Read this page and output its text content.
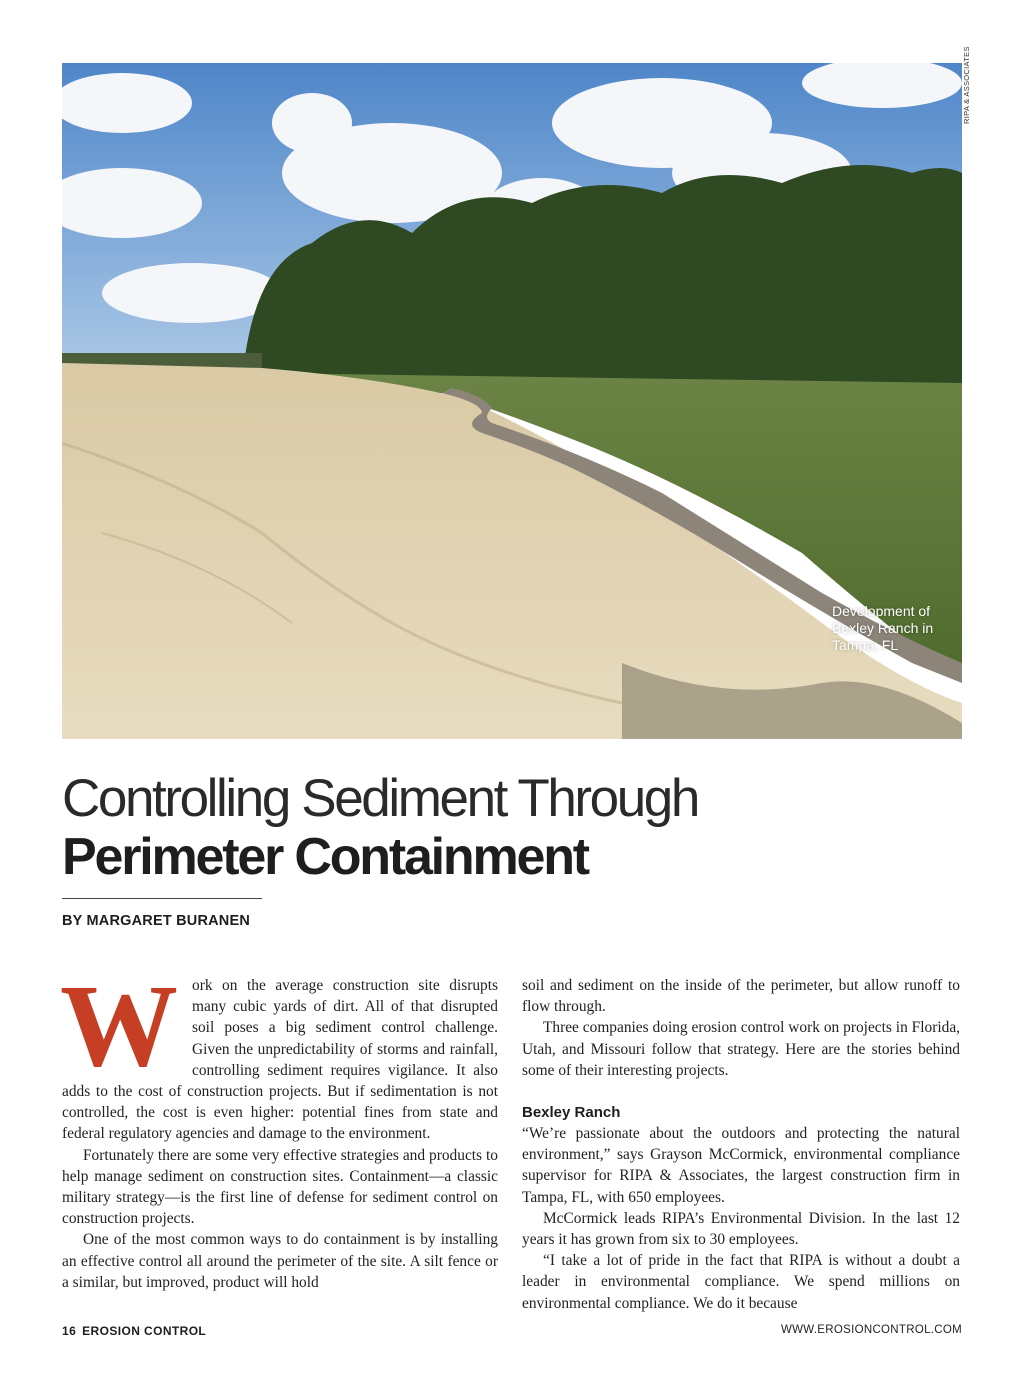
RIPA & ASSOCIATES
Development of Bexley Ranch in Tampa, FL
Controlling Sediment Through
Perimeter Containment
BY MARGARET BURANEN

Work on the average construction site disrupts many cubic yards of dirt. All of that disrupted soil poses a big sediment control challenge. Given the unpredictability of storms and rainfall, controlling sediment requires vigilance. It also adds to the cost of construction projects. But if sedimentation is not controlled, the cost is even higher: potential fines from state and federal regulatory agencies and damage to the environment.

Fortunately there are some very effective strategies and products to help manage sediment on construction sites. Containment—a classic military strategy—is the first line of defense for sediment control on construction projects.

One of the most common ways to do containment is by installing an effective control all around the perimeter of the site. A silt fence or a similar, but improved, product will hold

soil and sediment on the inside of the perimeter, but allow runoff to flow through.

Three companies doing erosion control work on projects in Florida, Utah, and Missouri follow that strategy. Here are the stories behind some of their interesting projects.

Bexley Ranch

“We’re passionate about the outdoors and protecting the natural environment,” says Grayson McCormick, environmental compliance supervisor for RIPA & Associates, the largest construction firm in Tampa, FL, with 650 employees.

McCormick leads RIPA’s Environmental Division. In the last 12 years it has grown from six to 30 employees.

“I take a lot of pride in the fact that RIPA is without a doubt a leader in environmental compliance. We spend millions on environmental compliance. We do it because

16 EROSION CONTROL	WWW.EROSIONCONTROL.COM
